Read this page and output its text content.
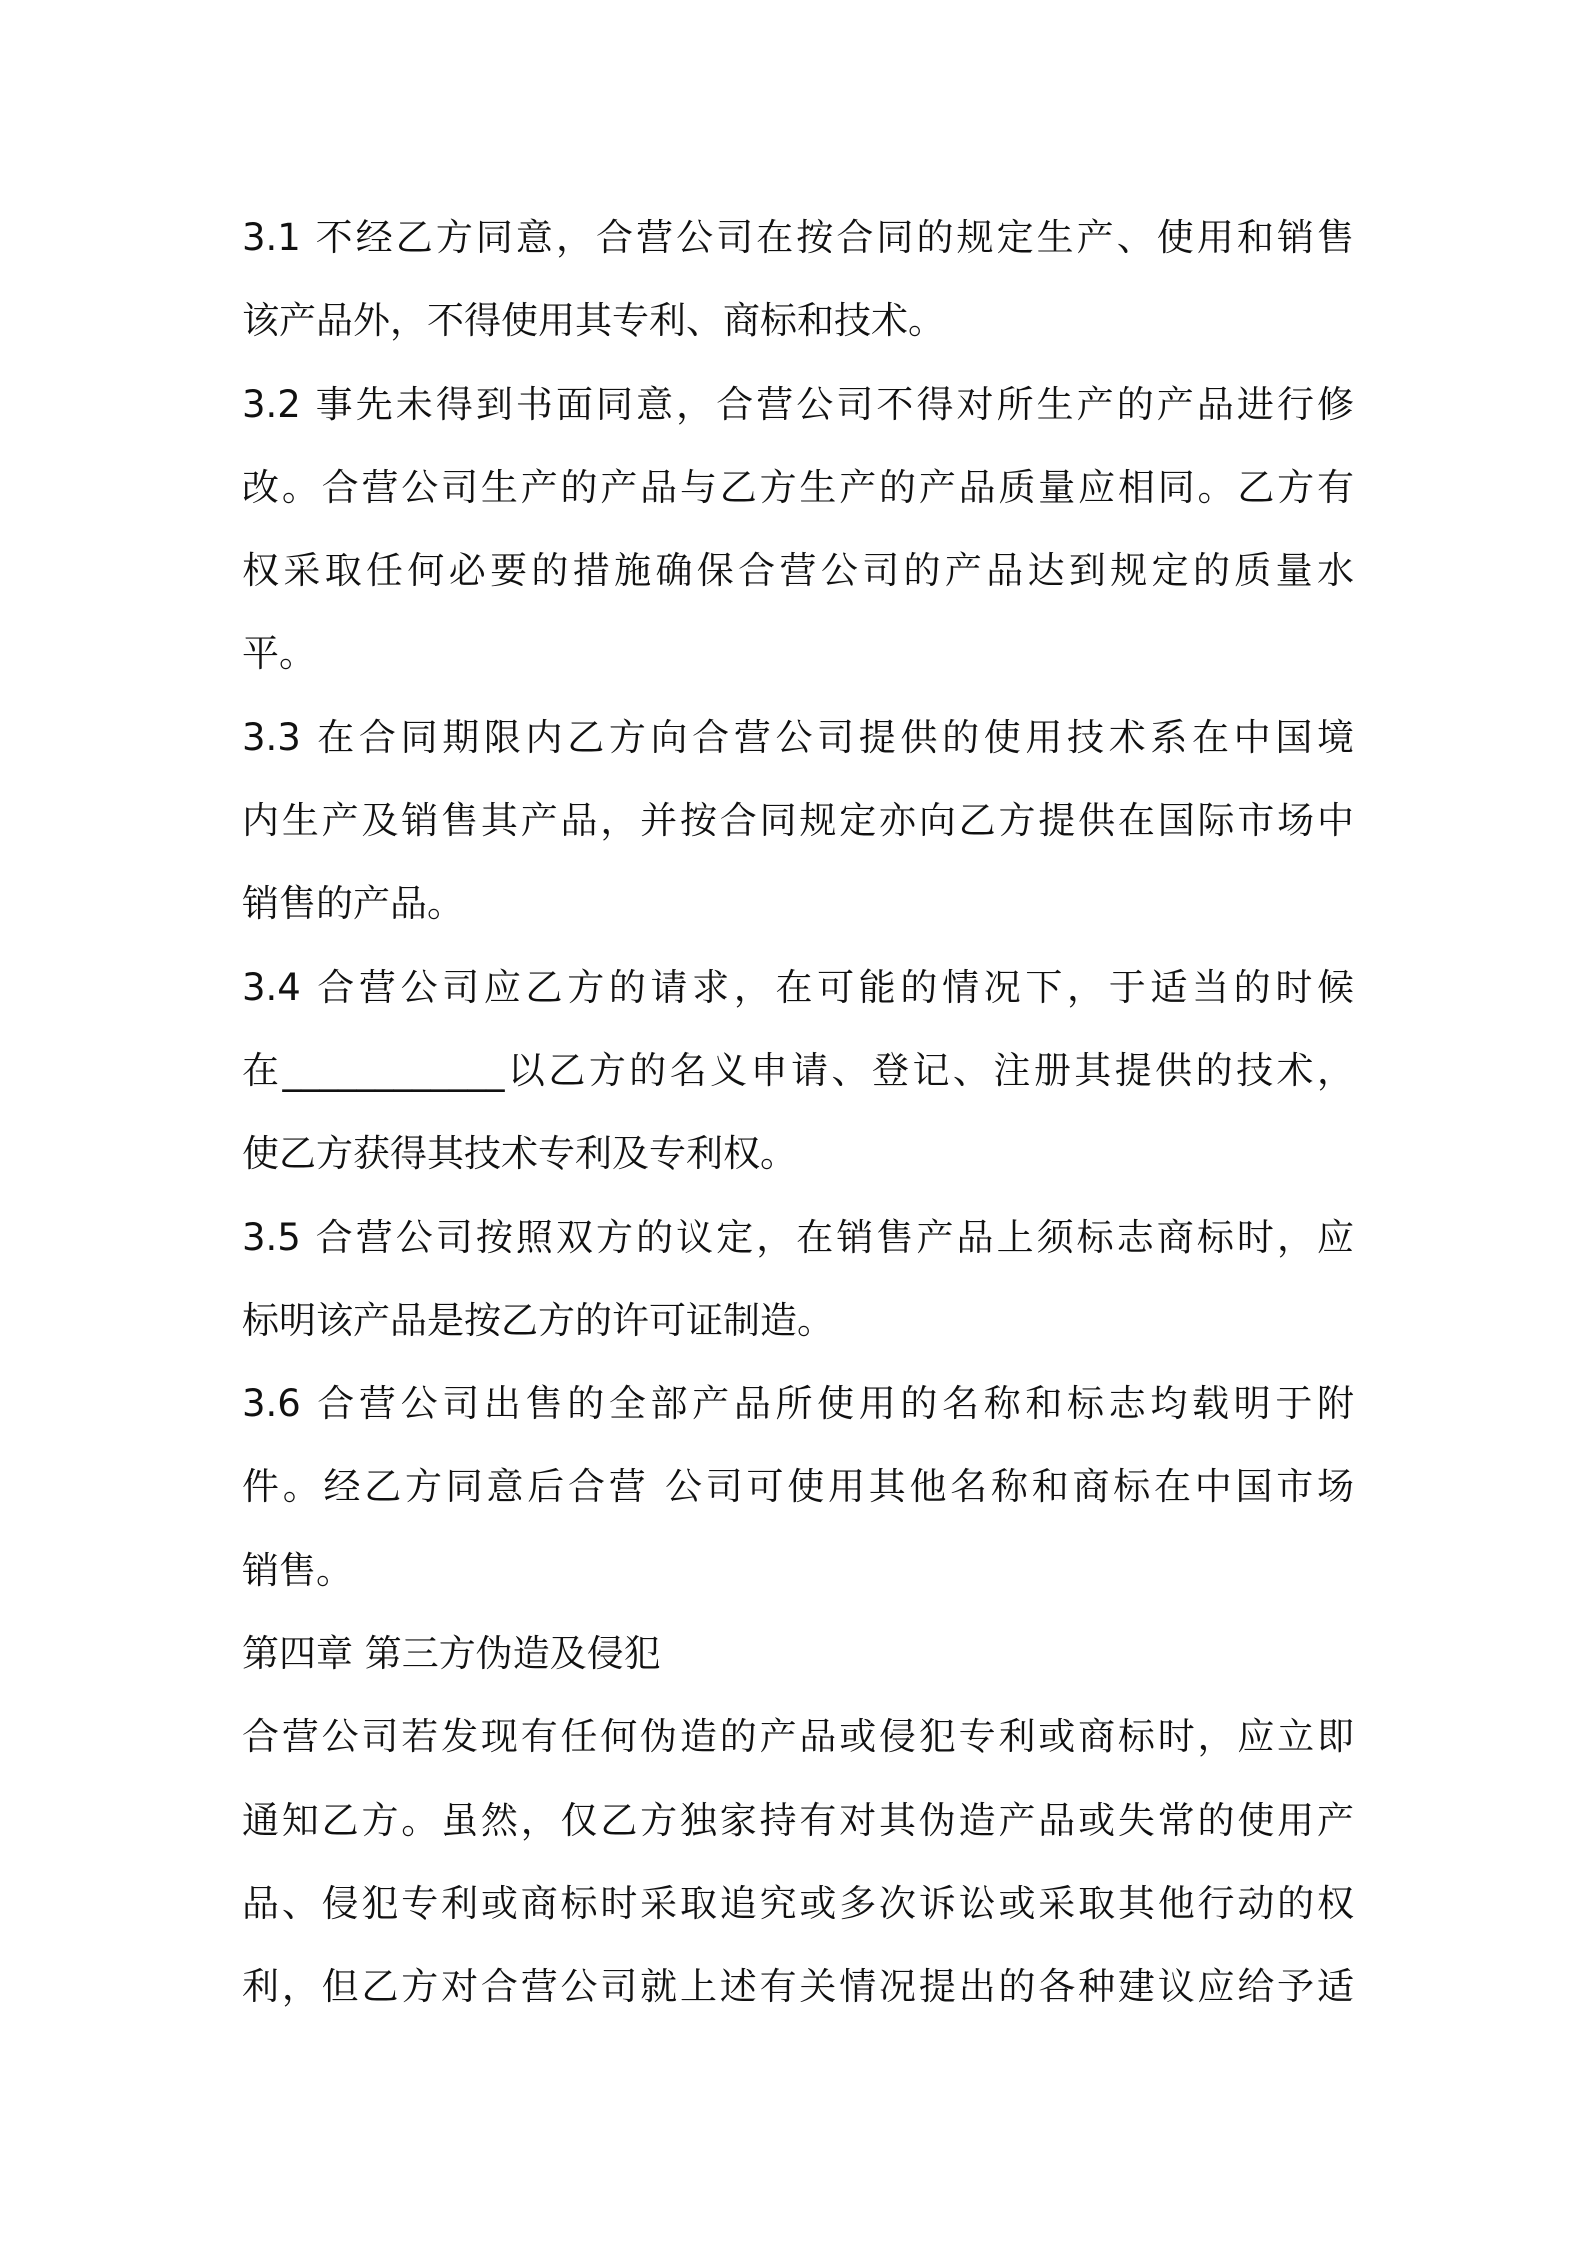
3.1 不经乙方同意，合营公司在按合同的规定生产、使用和销售
该产品外，不得使用其专利、商标和技术。
3.2 事先未得到书面同意，合营公司不得对所生产的产品进行修
改。合营公司生产的产品与乙方生产的产品质量应相同。乙方有
权采取任何必要的措施确保合营公司的产品达到规定的质量水
平。
3.3 在合同期限内乙方向合营公司提供的使用技术系在中国境
内生产及销售其产品，并按合同规定亦向乙方提供在国际市场中
销售的产品。
3.4 合营公司应乙方的请求，在可能的情况下，于适当的时候
在____________以乙方的名义申请、登记、注册其提供的技术，
使乙方获得其技术专利及专利权。
3.5 合营公司按照双方的议定，在销售产品上须标志商标时，应
标明该产品是按乙方的许可证制造。
3.6 合营公司出售的全部产品所使用的名称和标志均载明于附
件。经乙方同意后合营 公司可使用其他名称和商标在中国市场
销售。
第四章 第三方伪造及侵犯
合营公司若发现有任何伪造的产品或侵犯专利或商标时，应立即
通知乙方。虽然，仅乙方独家持有对其伪造产品或失常的使用产
品、侵犯专利或商标时采取追究或多次诉讼或采取其他行动的权
利，但乙方对合营公司就上述有关情况提出的各种建议应给予适
